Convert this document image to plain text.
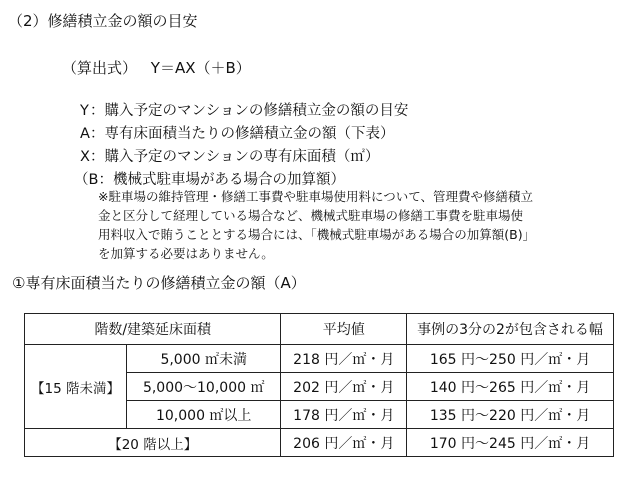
（2）修繕積立金の額の目安
（算出式） Y＝AX（＋B）
Y：購入予定のマンションの修繕積立金の額の目安
A：専有床面積当たりの修繕積立金の額（下表）
X：購入予定のマンションの専有床面積（㎡）
（B：機械式駐車場がある場合の加算額）
※駐車場の維持管理・修繕工事費や駐車場使用料について、管理費や修繕積立
金と区分して経理している場合など、機械式駐車場の修繕工事費を駐車場使
用料収入で賄うこととする場合には、「機械式駐車場がある場合の加算額(B)」
を加算する必要はありません。
①専有床面積当たりの修繕積立金の額（A）
階数/建築延床面積		平均値	事例の3分の2が包含される幅
【15 階未満】	5,000 ㎡未満	218 円／㎡・月	165 円～250 円／㎡・月
	5,000～10,000 ㎡	202 円／㎡・月	140 円～265 円／㎡・月
	10,000 ㎡以上	178 円／㎡・月	135 円～220 円／㎡・月
【20 階以上】		206 円／㎡・月	170 円～245 円／㎡・月
